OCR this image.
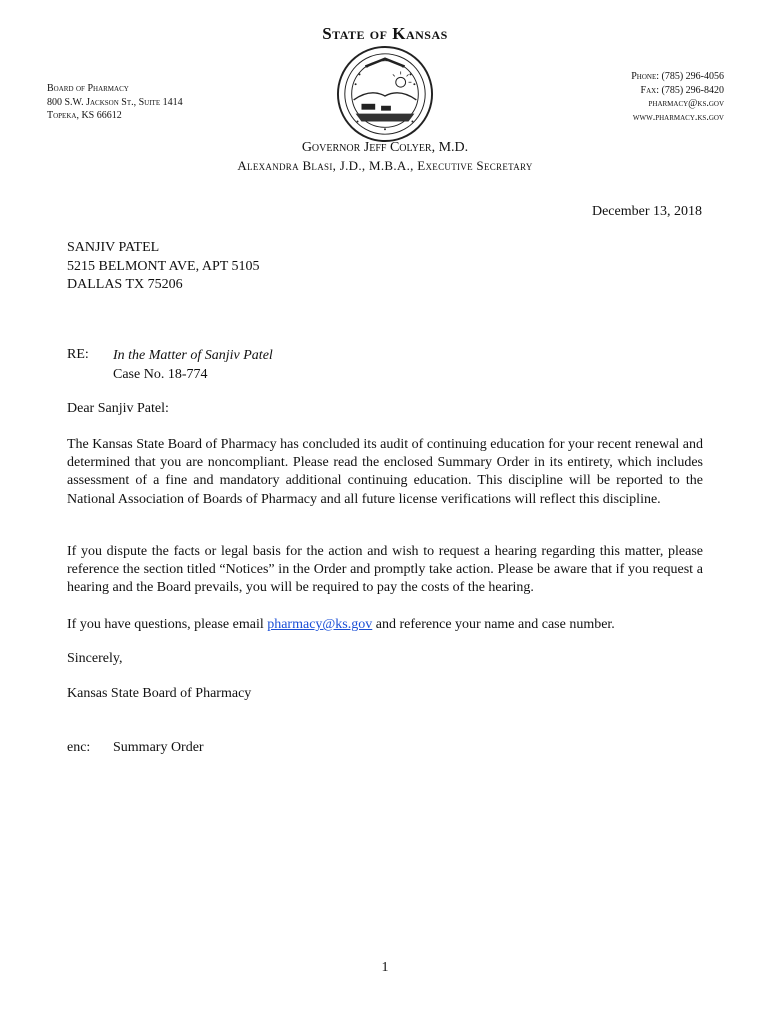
State of Kansas
Board of Pharmacy
800 S.W. Jackson St., Suite 1414
Topeka, KS 66612
Phone: (785) 296-4056
Fax: (785) 296-8420
pharmacy@ks.gov
www.pharmacy.ks.gov
Governor Jeff Colyer, M.D.
Alexandra Blasi, J.D., M.B.A., Executive Secretary
December 13, 2018
SANJIV PATEL
5215 BELMONT AVE, APT 5105
DALLAS TX 75206
RE: In the Matter of Sanjiv Patel
Case No. 18-774
Dear Sanjiv Patel:
The Kansas State Board of Pharmacy has concluded its audit of continuing education for your recent renewal and determined that you are noncompliant. Please read the enclosed Summary Order in its entirety, which includes assessment of a fine and mandatory additional continuing education. This discipline will be reported to the National Association of Boards of Pharmacy and all future license verifications will reflect this discipline.
If you dispute the facts or legal basis for the action and wish to request a hearing regarding this matter, please reference the section titled “Notices” in the Order and promptly take action. Please be aware that if you request a hearing and the Board prevails, you will be required to pay the costs of the hearing.
If you have questions, please email pharmacy@ks.gov and reference your name and case number.
Sincerely,
Kansas State Board of Pharmacy
enc: Summary Order
1
